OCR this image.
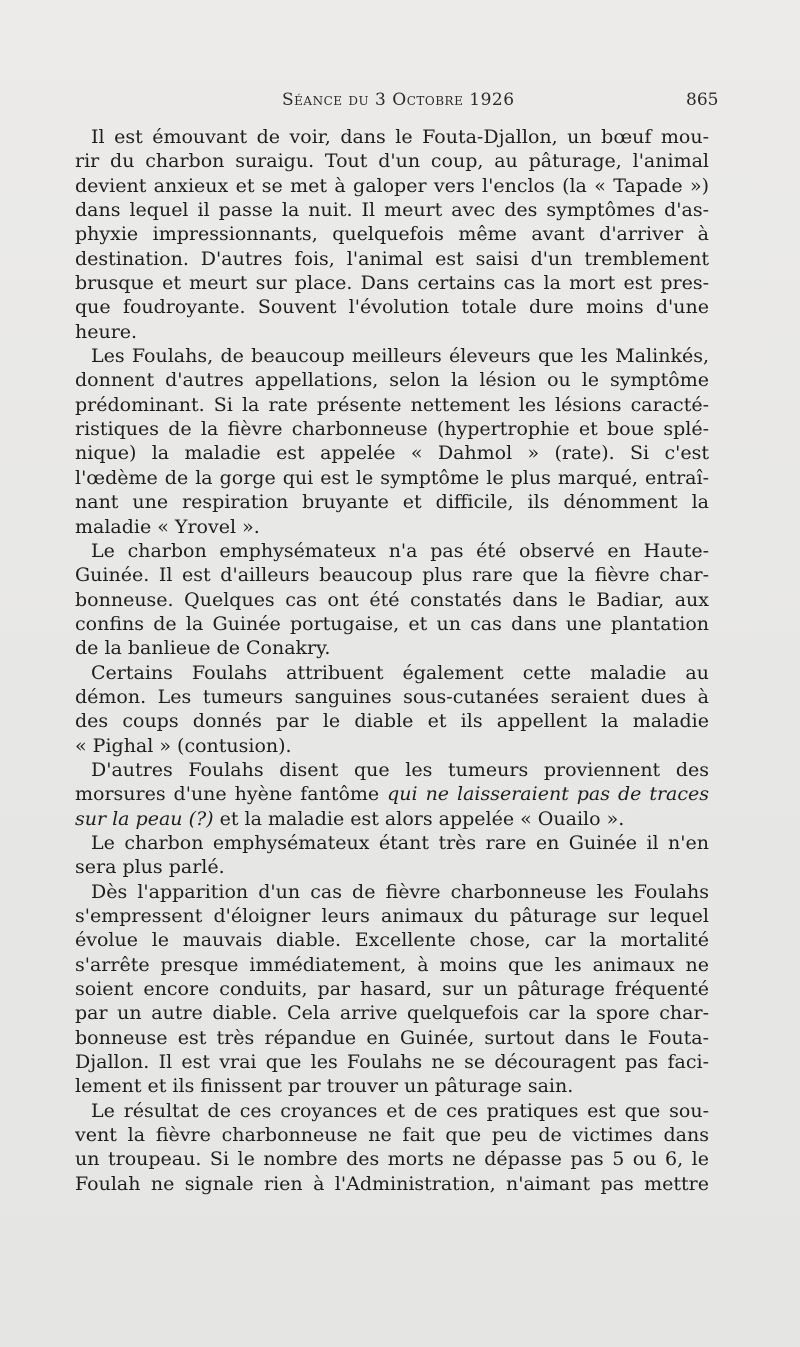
Séance du 3 Octobre 1926	865
Il est émouvant de voir, dans le Fouta-Djallon, un bœuf mou-
rir du charbon suraigu. Tout d'un coup, au pâturage, l'animal
devient anxieux et se met à galoper vers l'enclos (la « Tapade »)
dans lequel il passe la nuit. Il meurt avec des symptômes d'as-
phyxie impressionnants, quelquefois même avant d'arriver à
destination. D'autres fois, l'animal est saisi d'un tremblement
brusque et meurt sur place. Dans certains cas la mort est pres-
que foudroyante. Souvent l'évolution totale dure moins d'une
heure.
Les Foulahs, de beaucoup meilleurs éleveurs que les Malinkés,
donnent d'autres appellations, selon la lésion ou le symptôme
prédominant. Si la rate présente nettement les lésions caracté-
ristiques de la fièvre charbonneuse (hypertrophie et boue splé-
nique) la maladie est appelée « Dahmol » (rate). Si c'est
l'œdème de la gorge qui est le symptôme le plus marqué, entraî-
nant une respiration bruyante et difficile, ils dénomment la
maladie « Yrovel ».
Le charbon emphysémateux n'a pas été observé en Haute-
Guinée. Il est d'ailleurs beaucoup plus rare que la fièvre char-
bonneuse. Quelques cas ont été constatés dans le Badiar, aux
confins de la Guinée portugaise, et un cas dans une plantation
de la banlieue de Conakry.
Certains Foulahs attribuent également cette maladie au
démon. Les tumeurs sanguines sous-cutanées seraient dues à
des coups donnés par le diable et ils appellent la maladie
« Pighal » (contusion).
D'autres Foulahs disent que les tumeurs proviennent des
morsures d'une hyène fantôme qui ne laisseraient pas de traces
sur la peau (?) et la maladie est alors appelée « Ouailo ».
Le charbon emphysémateux étant très rare en Guinée il n'en
sera plus parlé.
Dès l'apparition d'un cas de fièvre charbonneuse les Foulahs
s'empressent d'éloigner leurs animaux du pâturage sur lequel
évolue le mauvais diable. Excellente chose, car la mortalité
s'arrête presque immédiatement, à moins que les animaux ne
soient encore conduits, par hasard, sur un pâturage fréquenté
par un autre diable. Cela arrive quelquefois car la spore char-
bonneuse est très répandue en Guinée, surtout dans le Fouta-
Djallon. Il est vrai que les Foulahs ne se découragent pas faci-
lement et ils finissent par trouver un pâturage sain.
Le résultat de ces croyances et de ces pratiques est que sou-
vent la fièvre charbonneuse ne fait que peu de victimes dans
un troupeau. Si le nombre des morts ne dépasse pas 5 ou 6, le
Foulah ne signale rien à l'Administration, n'aimant pas mettre
